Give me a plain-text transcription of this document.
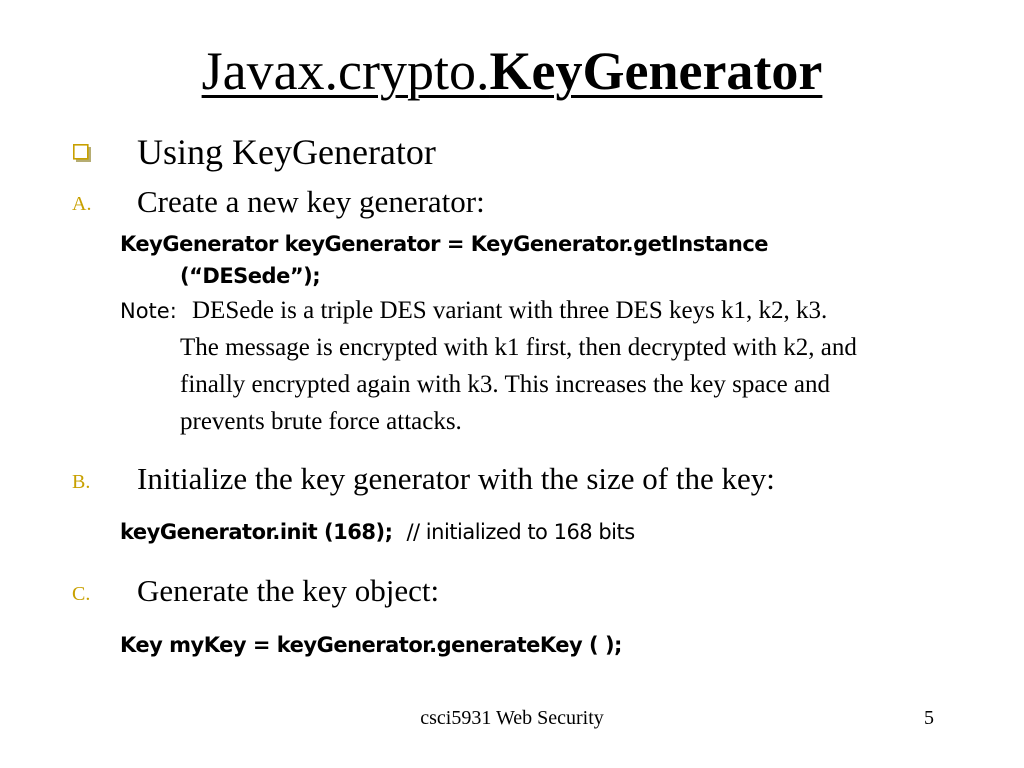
Javax.crypto.KeyGenerator
Using KeyGenerator
A. Create a new key generator:
KeyGenerator keyGenerator = KeyGenerator.getInstance
(“DESede”);
Note: DESede is a triple DES variant with three DES keys k1, k2, k3.
The message is encrypted with k1 first, then decrypted with k2, and
finally encrypted again with k3. This increases the key space and
prevents brute force attacks.
B. Initialize the key generator with the size of the key:
keyGenerator.init (168); // initialized to 168 bits
C. Generate the key object:
Key myKey = keyGenerator.generateKey ( );
csci5931 Web Security	5
